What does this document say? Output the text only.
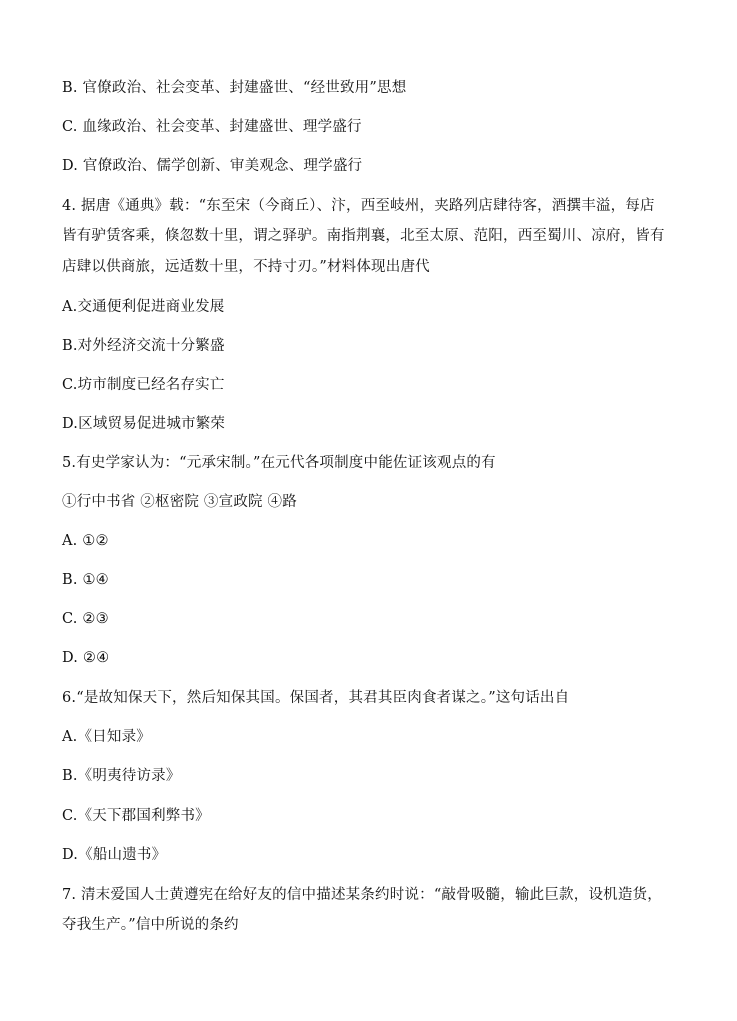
B. 官僚政治、社会变革、封建盛世、“经世致用”思想
C. 血缘政治、社会变革、封建盛世、理学盛行
D. 官僚政治、儒学创新、审美观念、理学盛行
4. 据唐《通典》载：“东至宋（今商丘）、汴，西至岐州，夹路列店肆待客，酒撰丰溢，每店
皆有驴赁客乘，倏忽数十里，谓之驿驴。南指荆襄，北至太原、范阳，西至蜀川、凉府，皆有
店肆以供商旅，远适数十里，不持寸刃。”材料体现出唐代
A.交通便利促进商业发展
B.对外经济交流十分繁盛
C.坊市制度已经名存实亡
D.区域贸易促进城市繁荣
5.有史学家认为：“元承宋制。”在元代各项制度中能佐证该观点的有
①行中书省 ②枢密院 ③宣政院 ④路
A. ①②
B. ①④
C. ②③
D. ②④
6.“是故知保天下，然后知保其国。保国者，其君其臣肉食者谋之。”这句话出自
A.《日知录》
B.《明夷待访录》
C.《天下郡国利弊书》
D.《船山遗书》
7. 清末爱国人士黄遵宪在给好友的信中描述某条约时说：“敲骨吸髓，输此巨款，设机造货，
夺我生产。”信中所说的条约
